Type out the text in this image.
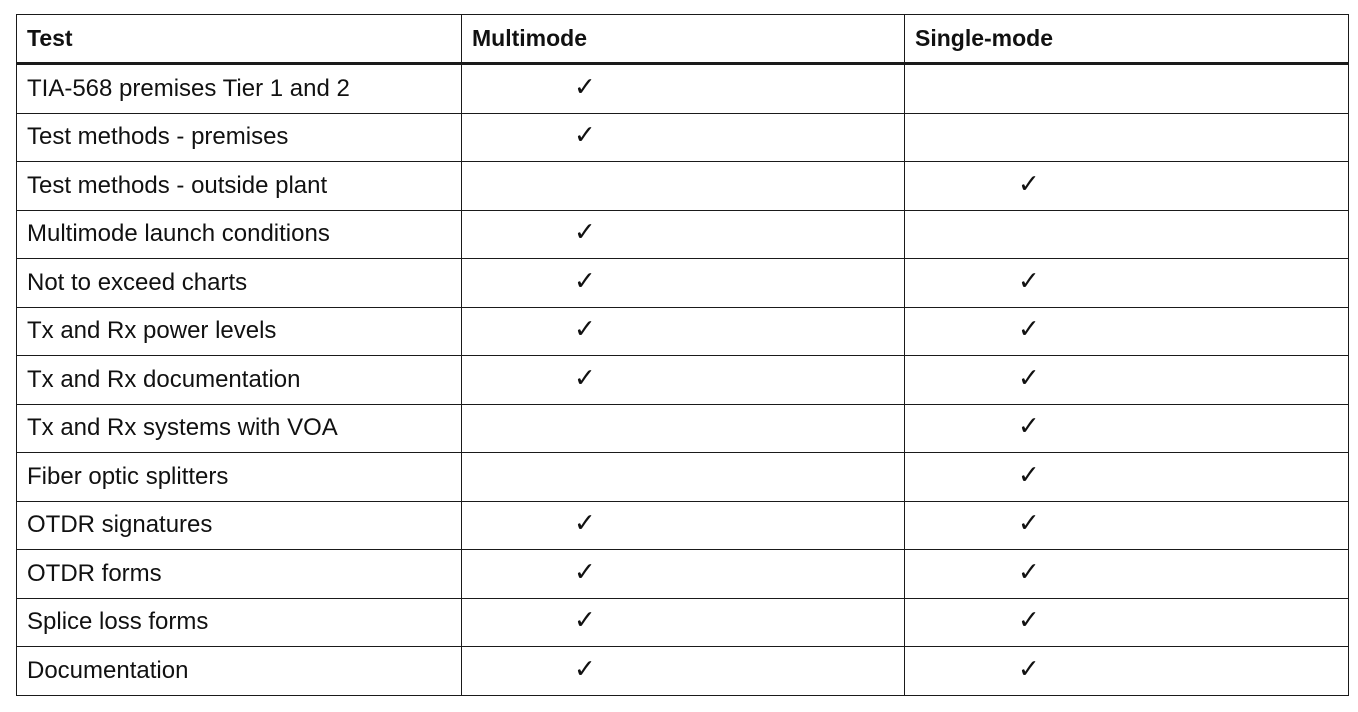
Test	Multimode	Single-mode
TIA-568 premises Tier 1 and 2	✓	

Test methods - premises	✓	

Test methods - outside plant		✓

Multimode launch conditions	✓	

Not to exceed charts	✓	✓

Tx and Rx power levels	✓	✓

Tx and Rx documentation	✓	✓

Tx and Rx systems with VOA		✓

Fiber optic splitters		✓

OTDR signatures	✓	✓

OTDR forms	✓	✓

Splice loss forms	✓	✓

Documentation	✓	✓
